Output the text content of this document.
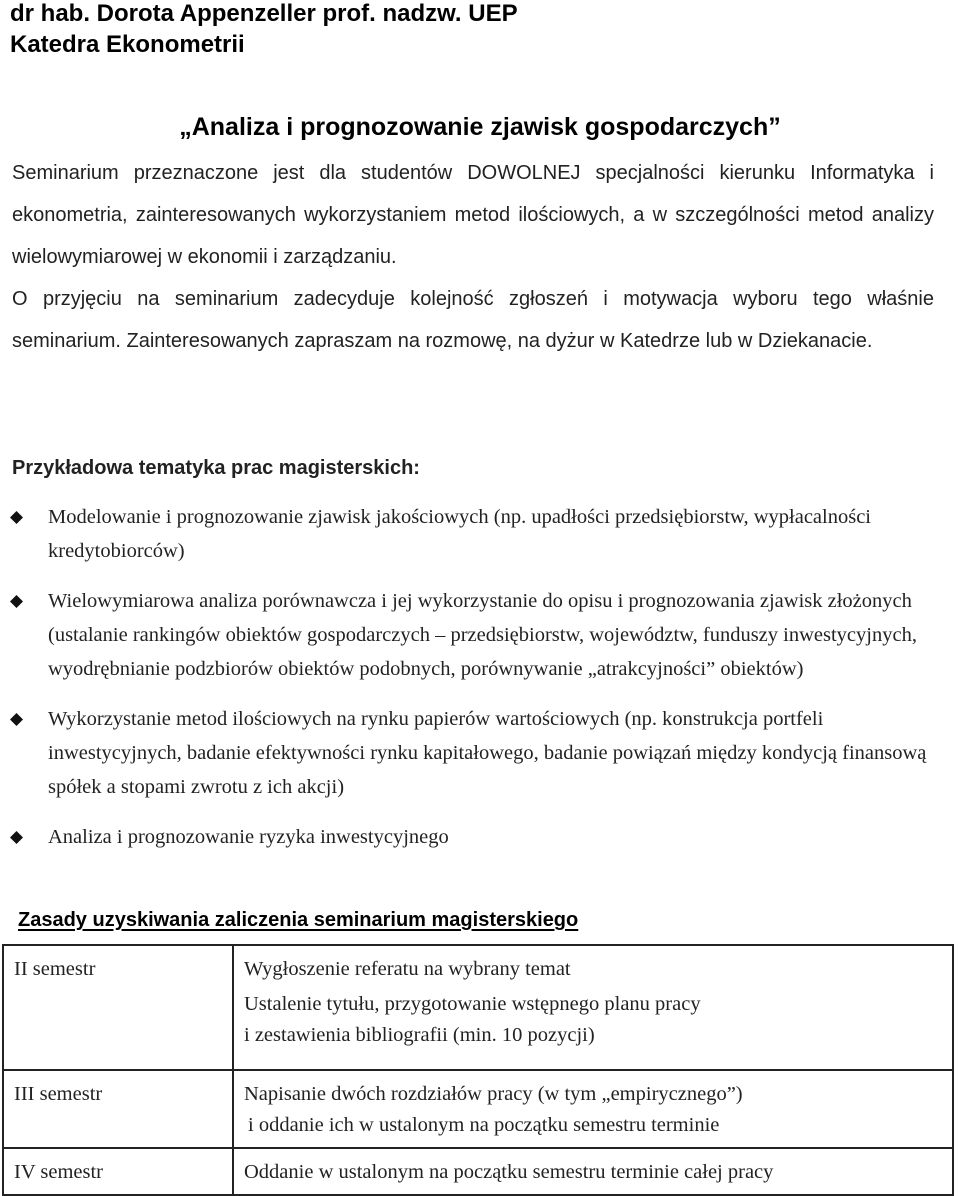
dr hab. Dorota Appenzeller prof. nadzw. UEP
Katedra Ekonometrii
„Analiza i prognozowanie zjawisk gospodarczych”

Seminarium przeznaczone jest dla studentów DOWOLNEJ specjalności kierunku Informatyka i ekonometria, zainteresowanych wykorzystaniem metod ilościowych, a w szczególności metod analizy wielowymiarowej w ekonomii i zarządzaniu.

O przyjęciu na seminarium zadecyduje kolejność zgłoszeń i motywacja wyboru tego właśnie seminarium. Zainteresowanych zapraszam na rozmowę, na dyżur w Katedrze lub w Dziekanacie.

Przykładowa tematyka prac magisterskich:
Modelowanie i prognozowanie zjawisk jakościowych (np. upadłości przedsiębiorstw, wypłacalności kredytobiorców)
Wielowymiarowa analiza porównawcza i jej wykorzystanie do opisu i prognozowania zjawisk złożonych (ustalanie rankingów obiektów gospodarczych – przedsiębiorstw, województw, funduszy inwestycyjnych, wyodrębnianie podzbiorów obiektów podobnych, porównywanie „atrakcyjności” obiektów)
Wykorzystanie metod ilościowych na rynku papierów wartościowych (np. konstrukcja portfeli inwestycyjnych, badanie efektywności rynku kapitałowego, badanie powiązań między kondycją finansową spółek a stopami zwrotu z ich akcji)
Analiza i prognozowanie ryzyka inwestycyjnego
Zasady uzyskiwania zaliczenia seminarium magisterskiego
II semestr	Wygłoszenie referatu na wybrany temat
Ustalenie tytułu, przygotowanie wstępnego planu pracy
i zestawienia bibliografii (min. 10 pozycji)

III semestr	Napisanie dwóch rozdziałów pracy (w tym „empirycznego”)
i oddanie ich w ustalonym na początku semestru terminie

IV semestr	Oddanie w ustalonym na początku semestru terminie całej pracy
